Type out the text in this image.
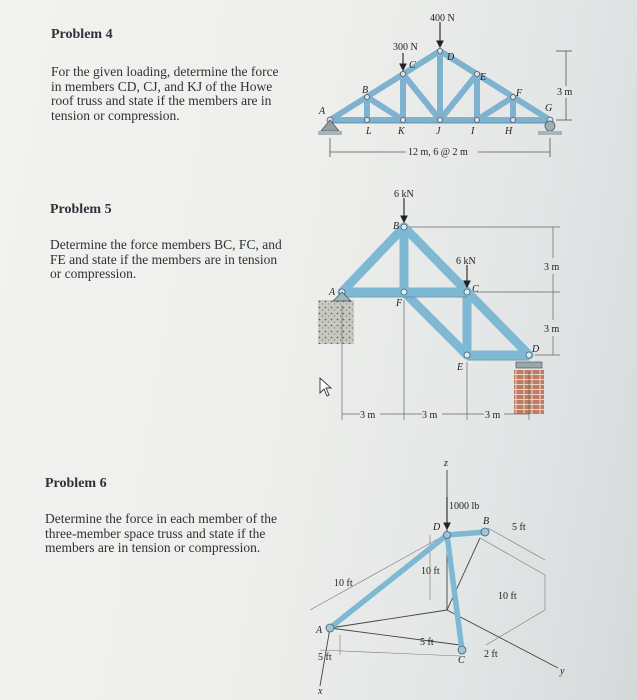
Problem 4
For the given loading, determine the force
in members CD, CJ, and KJ of the Howe
roof truss and state if the members are in
tension or compression.
Problem 5
Determine the force members BC, FC, and
FE and state if the members are in tension
or compression.
Problem 6
Determine the force in each member of the
three-member space truss and state if the
members are in tension or compression.
400 N
300 N
A
B
C
D
E
F
G
L	K	J	I	H
12 m, 6 @ 2 m
3 m
6 kN
6 kN
A
B
C
D
E
F
3 m	3 m	3 m
3 m
3 m
1000 lb
z
x
y
A
B
C
D
10 ft
10 ft
10 ft
5 ft
5 ft
5 ft
2 ft
